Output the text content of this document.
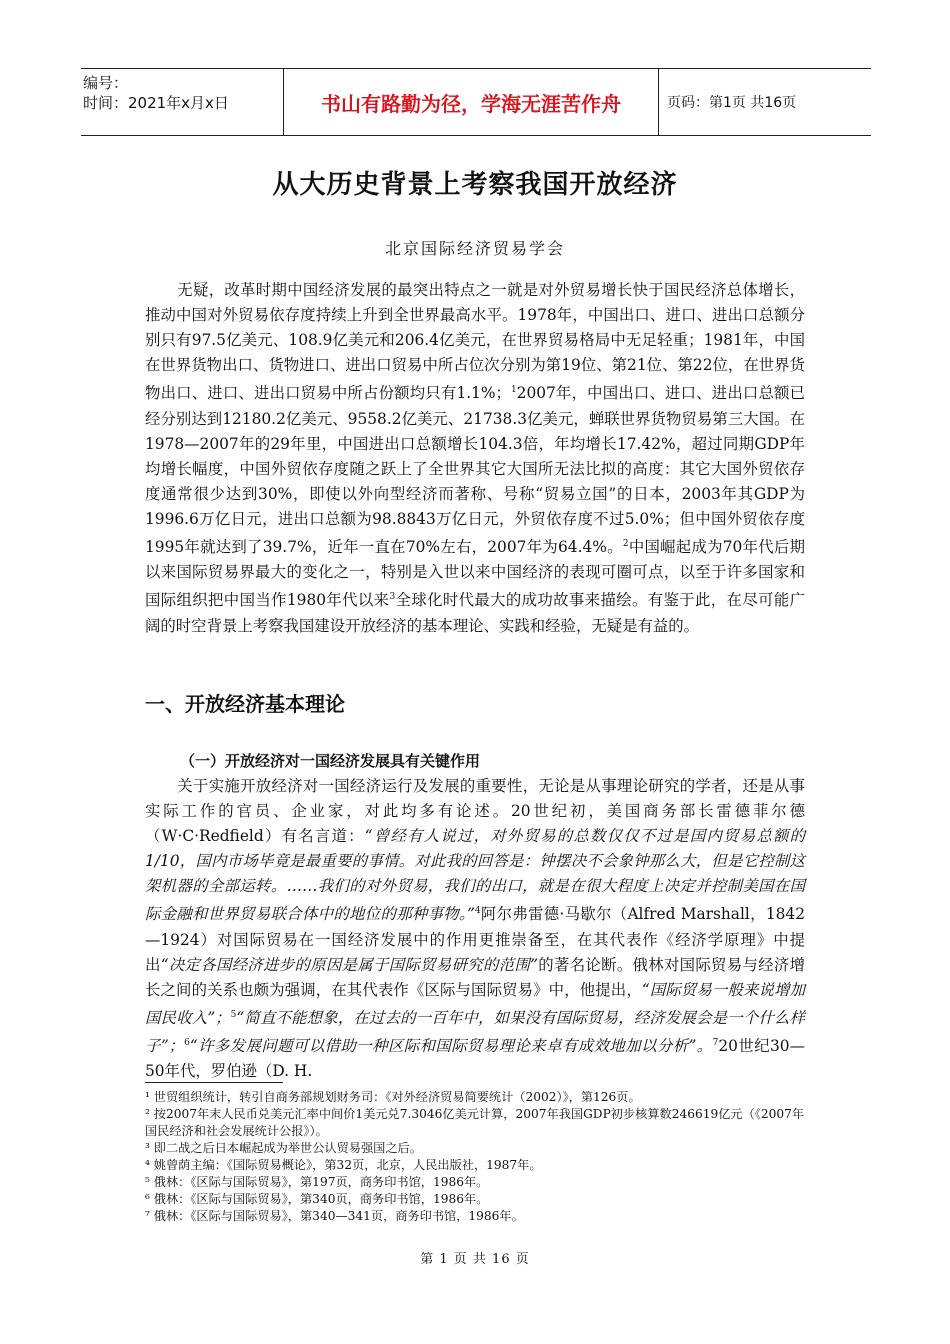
编号：
时间：2021年x月x日	书山有路勤为径，学海无涯苦作舟	页码：第1页 共16页
从大历史背景上考察我国开放经济
北京国际经济贸易学会

无疑，改革时期中国经济发展的最突出特点之一就是对外贸易增长快于国民经济总体增长，推动中国对外贸易依存度持续上升到全世界最高水平。1978年，中国出口、进口、进出口总额分别只有97.5亿美元、108.9亿美元和206.4亿美元，在世界贸易格局中无足轻重；1981年，中国在世界货物出口、货物进口、进出口贸易中所占位次分别为第19位、第21位、第22位，在世界货物出口、进口、进出口贸易中所占份额均只有1.1%；$^1$2007年，中国出口、进口、进出口总额已经分别达到12180.2亿美元、9558.2亿美元、21738.3亿美元，蝉联世界货物贸易第三大国。在1978—2007年的29年里，中国进出口总额增长104.3倍，年均增长17.42%，超过同期GDP年均增长幅度，中国外贸依存度随之跃上了全世界其它大国所无法比拟的高度：其它大国外贸依存度通常很少达到30%，即使以外向型经济而著称、号称“贸易立国”的日本，2003年其GDP为1996.6万亿日元，进出口总额为98.8843万亿日元，外贸依存度不过5.0%；但中国外贸依存度1995年就达到了39.7%，近年一直在70%左右，2007年为64.4%。$^2$中国崛起成为70年代后期以来国际贸易界最大的变化之一，特别是入世以来中国经济的表现可圈可点，以至于许多国家和国际组织把中国当作1980年代以来$^3$全球化时代最大的成功故事来描绘。有鉴于此，在尽可能广阔的时空背景上考察我国建设开放经济的基本理论、实践和经验，无疑是有益的。

一、开放经济基本理论
（一）开放经济对一国经济发展具有关键作用

关于实施开放经济对一国经济运行及发展的重要性，无论是从事理论研究的学者，还是从事实际工作的官员、企业家，对此均多有论述。20世纪初，美国商务部长雷德菲尔德（W·C·Redfield）有名言道：“曾经有人说过，对外贸易的总数仅仅不过是国内贸易总额的1/10，国内市场毕竟是最重要的事情。对此我的回答是：钟摆决不会象钟那么大，但是它控制这架机器的全部运转。……我们的对外贸易，我们的出口，就是在很大程度上决定并控制美国在国际金融和世界贸易联合体中的地位的那种事物。”$^4$阿尔弗雷德·马歇尔（Alfred Marshall，1842—1924）对国际贸易在一国经济发展中的作用更推崇备至，在其代表作《经济学原理》中提出“决定各国经济进步的原因是属于国际贸易研究的范围”的著名论断。俄林对国际贸易与经济增长之间的关系也颇为强调，在其代表作《区际与国际贸易》中，他提出，“国际贸易一般来说增加国民收入”；$^5$“简直不能想象，在过去的一百年中，如果没有国际贸易，经济发展会是一个什么样子”；$^6$“许多发展问题可以借助一种区际和国际贸易理论来卓有成效地加以分析”。$^7$20世纪30—50年代，罗伯逊（D. H.

¹ 世贸组织统计，转引自商务部规划财务司：《对外经济贸易简要统计（2002）》，第126页。
² 按2007年末人民币兑美元汇率中间价1美元兑7.3046亿美元计算，2007年我国GDP初步核算数246619亿元（《2007年国民经济和社会发展统计公报》）。
³ 即二战之后日本崛起成为举世公认贸易强国之后。
⁴ 姚曾荫主编：《国际贸易概论》，第32页，北京，人民出版社，1987年。
⁵ 俄林：《区际与国际贸易》，第197页，商务印书馆，1986年。
⁶ 俄林：《区际与国际贸易》，第340页，商务印书馆，1986年。
⁷ 俄林：《区际与国际贸易》，第340—341页，商务印书馆，1986年。
第 1 页 共 16 页
